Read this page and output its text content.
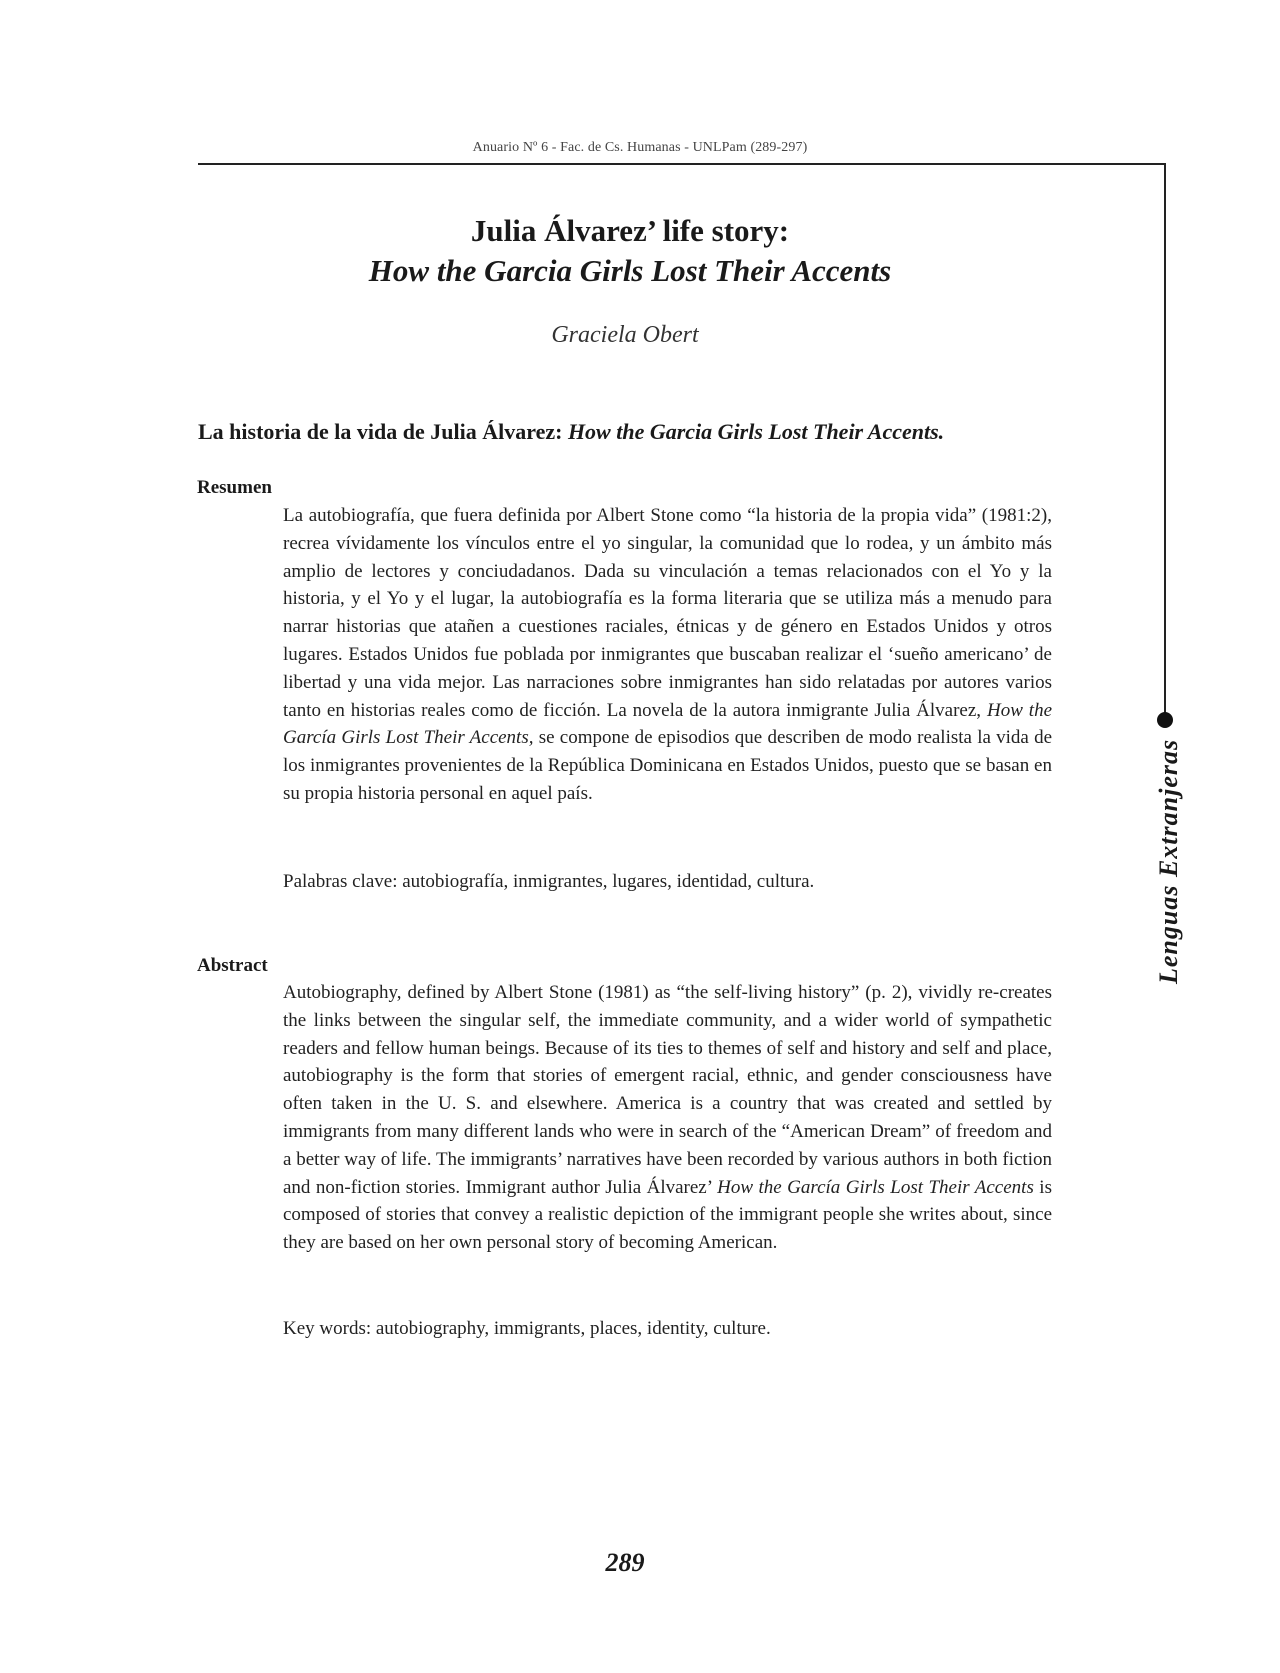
Anuario Nº 6 - Fac. de Cs. Humanas - UNLPam (289-297)
Lenguas Extranjeras
Julia Álvarez’ life story:
How the Garcia Girls Lost Their Accents
Graciela Obert
La historia de la vida de Julia Álvarez: How the Garcia Girls Lost Their Accents.
Resumen
La autobiografía, que fuera definida por Albert Stone como “la historia de la propia vida” (1981:2), recrea vívidamente los vínculos entre el yo singular, la comunidad que lo rodea, y un ámbito más amplio de lectores y conciudadanos. Dada su vinculación a temas relacionados con el Yo y la historia, y el Yo y el lugar, la autobiografía es la forma literaria que se utiliza más a menudo para narrar historias que atañen a cuestiones raciales, étnicas y de género en Estados Unidos y otros lugares. Estados Unidos fue poblada por inmigrantes que buscaban realizar el ‘sueño americano’ de libertad y una vida mejor. Las narraciones sobre inmigrantes han sido relatadas por autores varios tanto en historias reales como de ficción. La novela de la autora inmigrante Julia Álvarez, How the García Girls Lost Their Accents, se compone de episodios que describen de modo realista la vida de los inmigrantes provenientes de la República Dominicana en Estados Unidos, puesto que se basan en su propia historia personal en aquel país.
Palabras clave: autobiografía, inmigrantes, lugares, identidad, cultura.
Abstract
Autobiography, defined by Albert Stone (1981) as “the self-living history” (p. 2), vividly re-creates the links between the singular self, the immediate community, and a wider world of sympathetic readers and fellow human beings. Because of its ties to themes of self and history and self and place, autobiography is the form that stories of emergent racial, ethnic, and gender consciousness have often taken in the U. S. and elsewhere. America is a country that was created and settled by immigrants from many different lands who were in search of the “American Dream” of freedom and a better way of life. The immigrants’ narratives have been recorded by various authors in both fiction and non-fiction stories. Immigrant author Julia Álvarez’ How the García Girls Lost Their Accents is composed of stories that convey a realistic depiction of the immigrant people she writes about, since they are based on her own personal story of becoming American.
Key words: autobiography, immigrants, places, identity, culture.
289
